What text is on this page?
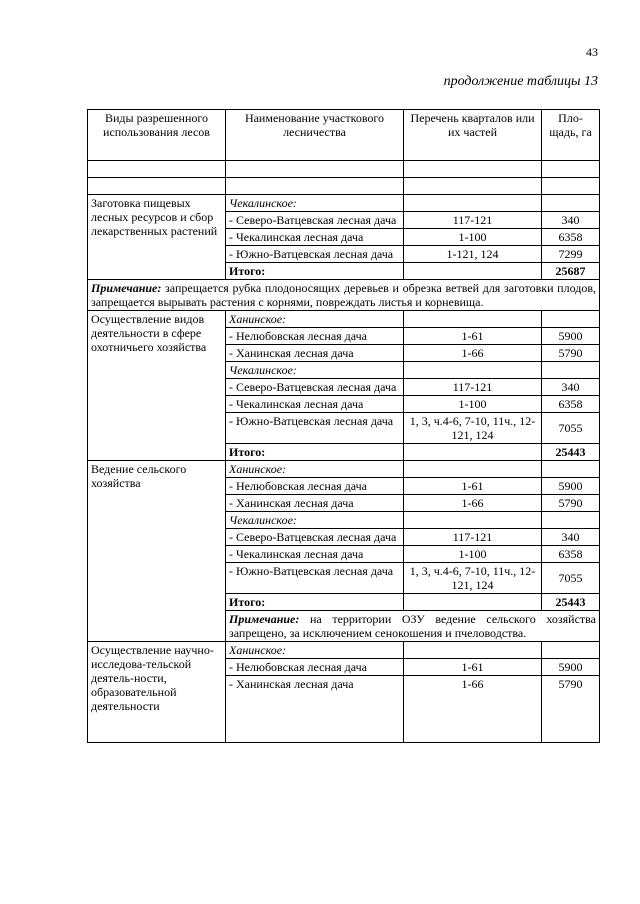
43
продолжение таблицы 13
Виды разрешенного использования лесов	Наименование участкового лесничества	Перечень кварталов или их частей	Пло-щадь, га

Заготовка пищевых лесных ресурсов и сбор лекарственных растений	Чекалинское:		
	- Северо-Ватцевская лесная дача	117-121	340
	- Чекалинская лесная дача	1-100	6358
	- Южно-Ватцевская лесная дача	1-121, 124	7299
	Итого:		25687
Примечание: запрещается рубка плодоносящих деревьев и обрезка ветвей для заготовки плодов, запрещается вырывать растения с корнями, повреждать листья и корневища.			
Осуществление видов деятельности в сфере охотничьего хозяйства	Ханинское:		
	- Нелюбовская лесная дача	1-61	5900
	- Ханинская лесная дача	1-66	5790
	Чекалинское:		
	- Северо-Ватцевская лесная дача	117-121	340
	- Чекалинская лесная дача	1-100	6358
	- Южно-Ватцевская лесная дача	1, 3, ч.4-6, 7-10, 11ч., 12-121, 124	7055
	Итого:		25443
Ведение сельского хозяйства	Ханинское:		
	- Нелюбовская лесная дача	1-61	5900
	- Ханинская лесная дача	1-66	5790
	Чекалинское:		
	- Северо-Ватцевская лесная дача	117-121	340
	- Чекалинская лесная дача	1-100	6358
	- Южно-Ватцевская лесная дача	1, 3, ч.4-6, 7-10, 11ч., 12-121, 124	7055
	Итого:		25443
	Примечание: на территории ОЗУ ведение сельского хозяйства запрещено, за исключением сенокошения и пчеловодства.		
Осуществление научно-исследова-тельской деятель-ности, образовательной деятельности	Ханинское:		
	- Нелюбовская лесная дача	1-61	5900
	- Ханинская лесная дача	1-66	5790
